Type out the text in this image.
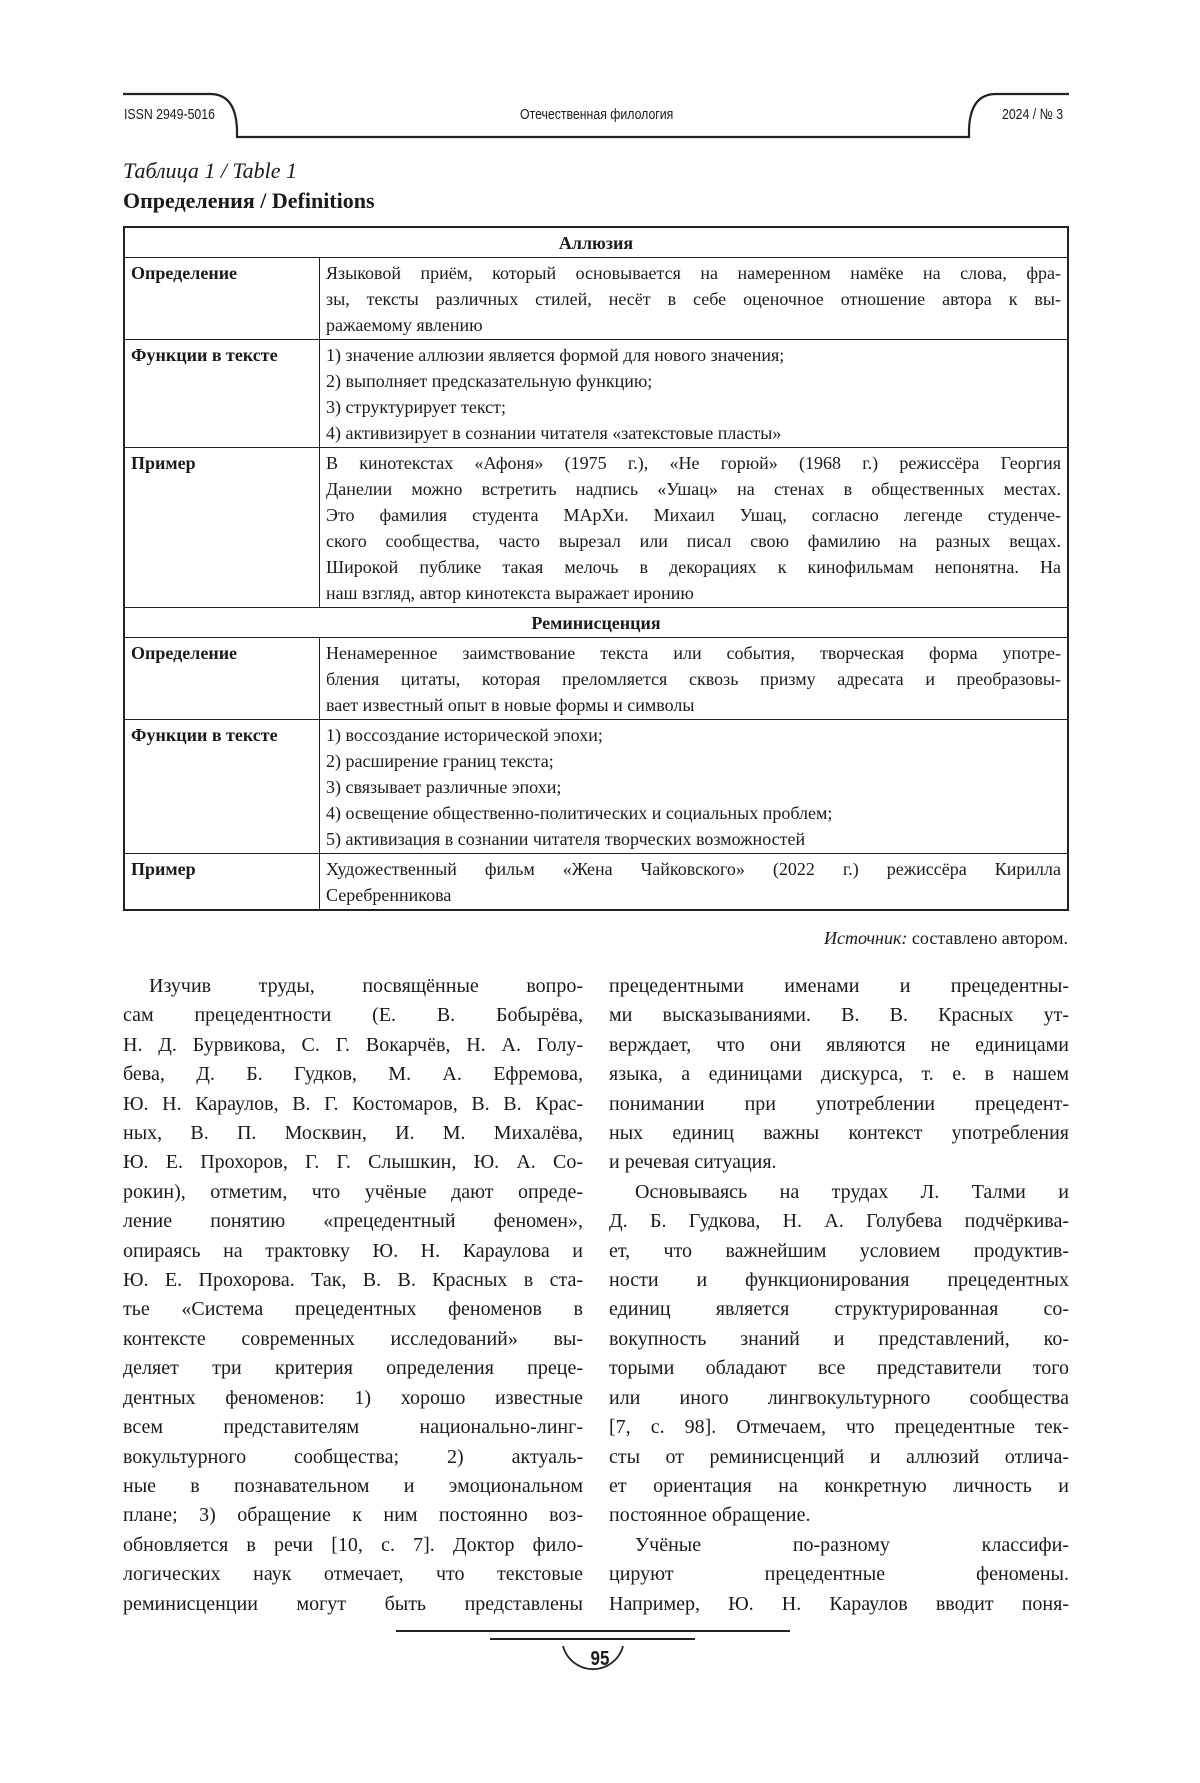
ISSN 2949-5016	Отечественная филология	2024 / № 3
Таблица 1 / Table 1
Определения / Definitions
Аллюзия
Определение	Языковой приём, который основывается на намеренном намёке на слова, фра-
зы, тексты различных стилей, несёт в себе оценочное отношение автора к вы-
ражаемому явлению

Функции в тексте	1) значение аллюзии является формой для нового значения;
2) выполняет предсказательную функцию;
3) структурирует текст;
4) активизирует в сознании читателя «затекстовые пласты»

Пример	В кинотекстах «Афоня» (1975 г.), «Не горюй» (1968 г.) режиссёра Георгия
Данелии можно встретить надпись «Ушац» на стенах в общественных местах.
Это фамилия студента МАрХи. Михаил Ушац, согласно легенде студенче-
ского сообщества, часто вырезал или писал свою фамилию на разных вещах.
Широкой публике такая мелочь в декорациях к кинофильмам непонятна. На
наш взгляд, автор кинотекста выражает иронию

Реминисценция
Определение	Ненамеренное заимствование текста или события, творческая форма употре-
бления цитаты, которая преломляется сквозь призму адресата и преобразовы-
вает известный опыт в новые формы и символы

Функции в тексте	1) воссоздание исторической эпохи;
2) расширение границ текста;
3) связывает различные эпохи;
4) освещение общественно-политических и социальных проблем;
5) активизация в сознании читателя творческих возможностей

Пример	Художественный фильм «Жена Чайковского» (2022 г.) режиссёра Кирилла
Серебренникова
Источник: составлено автором.
Изучив труды, посвящённые вопро-
сам прецедентности (Е. В. Бобырёва,
Н. Д. Бурвикова, С. Г. Вокарчёв, Н. А. Голу-
бева, Д. Б. Гудков, М. А. Ефремова,
Ю. Н. Караулов, В. Г. Костомаров, В. В. Крас-
ных, В. П. Москвин, И. М. Михалёва,
Ю. Е. Прохоров, Г. Г. Слышкин, Ю. А. Со-
рокин), отметим, что учёные дают опреде-
ление понятию «прецедентный феномен»,
опираясь на трактовку Ю. Н. Караулова и
Ю. Е. Прохорова. Так, В. В. Красных в ста-
тье «Система прецедентных феноменов в
контексте современных исследований» вы-
деляет три критерия определения преце-
дентных феноменов: 1) хорошо известные
всем представителям национально-линг-
вокультурного сообщества; 2) актуаль-
ные в познавательном и эмоциональном
плане; 3) обращение к ним постоянно воз-
обновляется в речи [10, с. 7]. Доктор фило-
логических наук отмечает, что текстовые
реминисценции могут быть представлены
прецедентными именами и прецедентны-
ми высказываниями. В. В. Красных ут-
верждает, что они являются не единицами
языка, а единицами дискурса, т. е. в нашем
понимании при употреблении прецедент-
ных единиц важны контекст употребления
и речевая ситуация.
Основываясь на трудах Л. Талми и
Д. Б. Гудкова, Н. А. Голубева подчёркива-
ет, что важнейшим условием продуктив-
ности и функционирования прецедентных
единиц является структурированная со-
вокупность знаний и представлений, ко-
торыми обладают все представители того
или иного лингвокультурного сообщества
[7, с. 98]. Отмечаем, что прецедентные тек-
сты от реминисценций и аллюзий отлича-
ет ориентация на конкретную личность и
постоянное обращение.
Учёные по-разному классифи-
цируют прецедентные феномены.
Например, Ю. Н. Караулов вводит поня-
95
